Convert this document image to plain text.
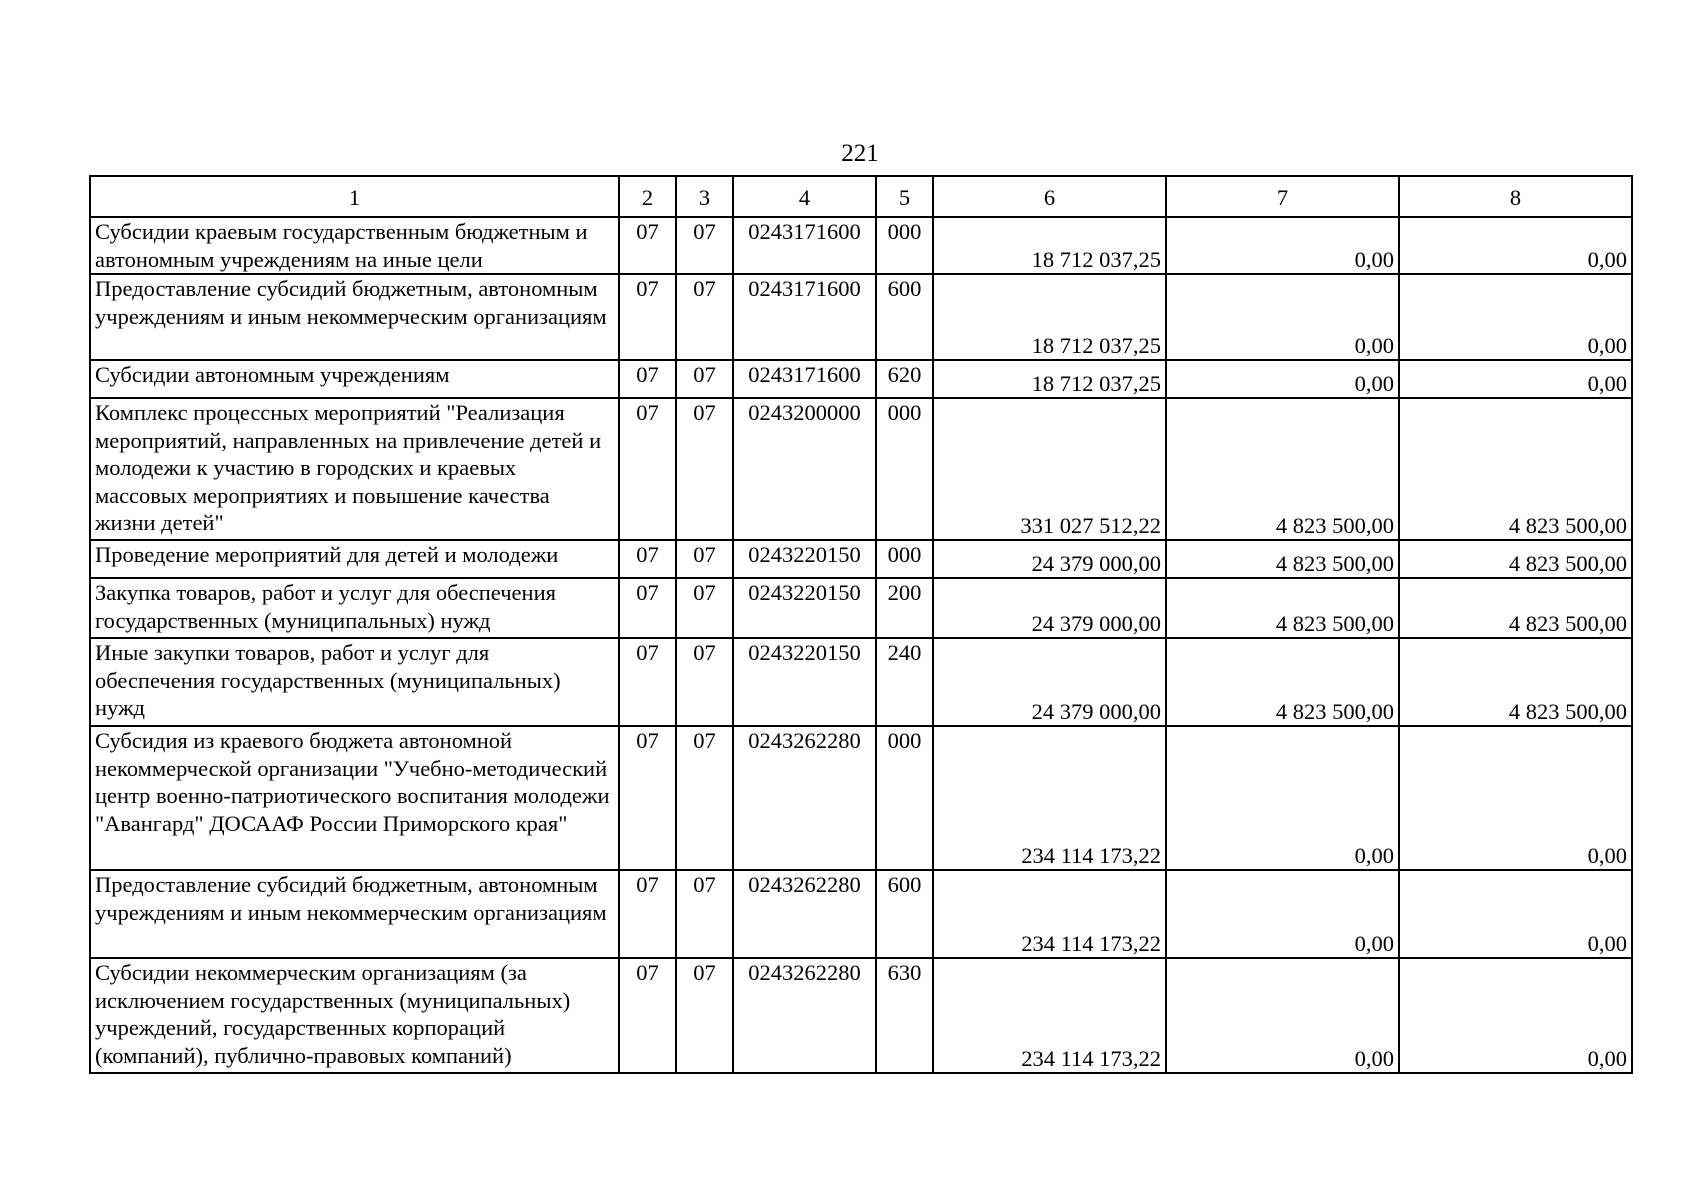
221
1	2	3	4	5	6	7	8
Субсидии краевым государственным бюджетным и автономным учреждениям на иные цели	07	07	0243171600	000	18 712 037,25	0,00	0,00
Предоставление субсидий бюджетным, автономным учреждениям и иным некоммерческим организациям	07	07	0243171600	600	18 712 037,25	0,00	0,00
Субсидии автономным учреждениям	07	07	0243171600	620	18 712 037,25	0,00	0,00
Комплекс процессных мероприятий "Реализация мероприятий, направленных на привлечение детей и молодежи к участию в городских и краевых массовых мероприятиях и повышение качества жизни детей"	07	07	0243200000	000	331 027 512,22	4 823 500,00	4 823 500,00
Проведение мероприятий для детей и молодежи	07	07	0243220150	000	24 379 000,00	4 823 500,00	4 823 500,00
Закупка товаров, работ и услуг для обеспечения государственных (муниципальных) нужд	07	07	0243220150	200	24 379 000,00	4 823 500,00	4 823 500,00
Иные закупки товаров, работ и услуг для обеспечения государственных (муниципальных) нужд	07	07	0243220150	240	24 379 000,00	4 823 500,00	4 823 500,00
Субсидия из краевого бюджета автономной некоммерческой организации "Учебно-методический центр военно-патриотического воспитания молодежи "Авангард" ДОСААФ России Приморского края"	07	07	0243262280	000	234 114 173,22	0,00	0,00
Предоставление субсидий бюджетным, автономным учреждениям и иным некоммерческим организациям	07	07	0243262280	600	234 114 173,22	0,00	0,00
Субсидии некоммерческим организациям (за исключением государственных (муниципальных) учреждений, государственных корпораций (компаний), публично-правовых компаний)	07	07	0243262280	630	234 114 173,22	0,00	0,00
